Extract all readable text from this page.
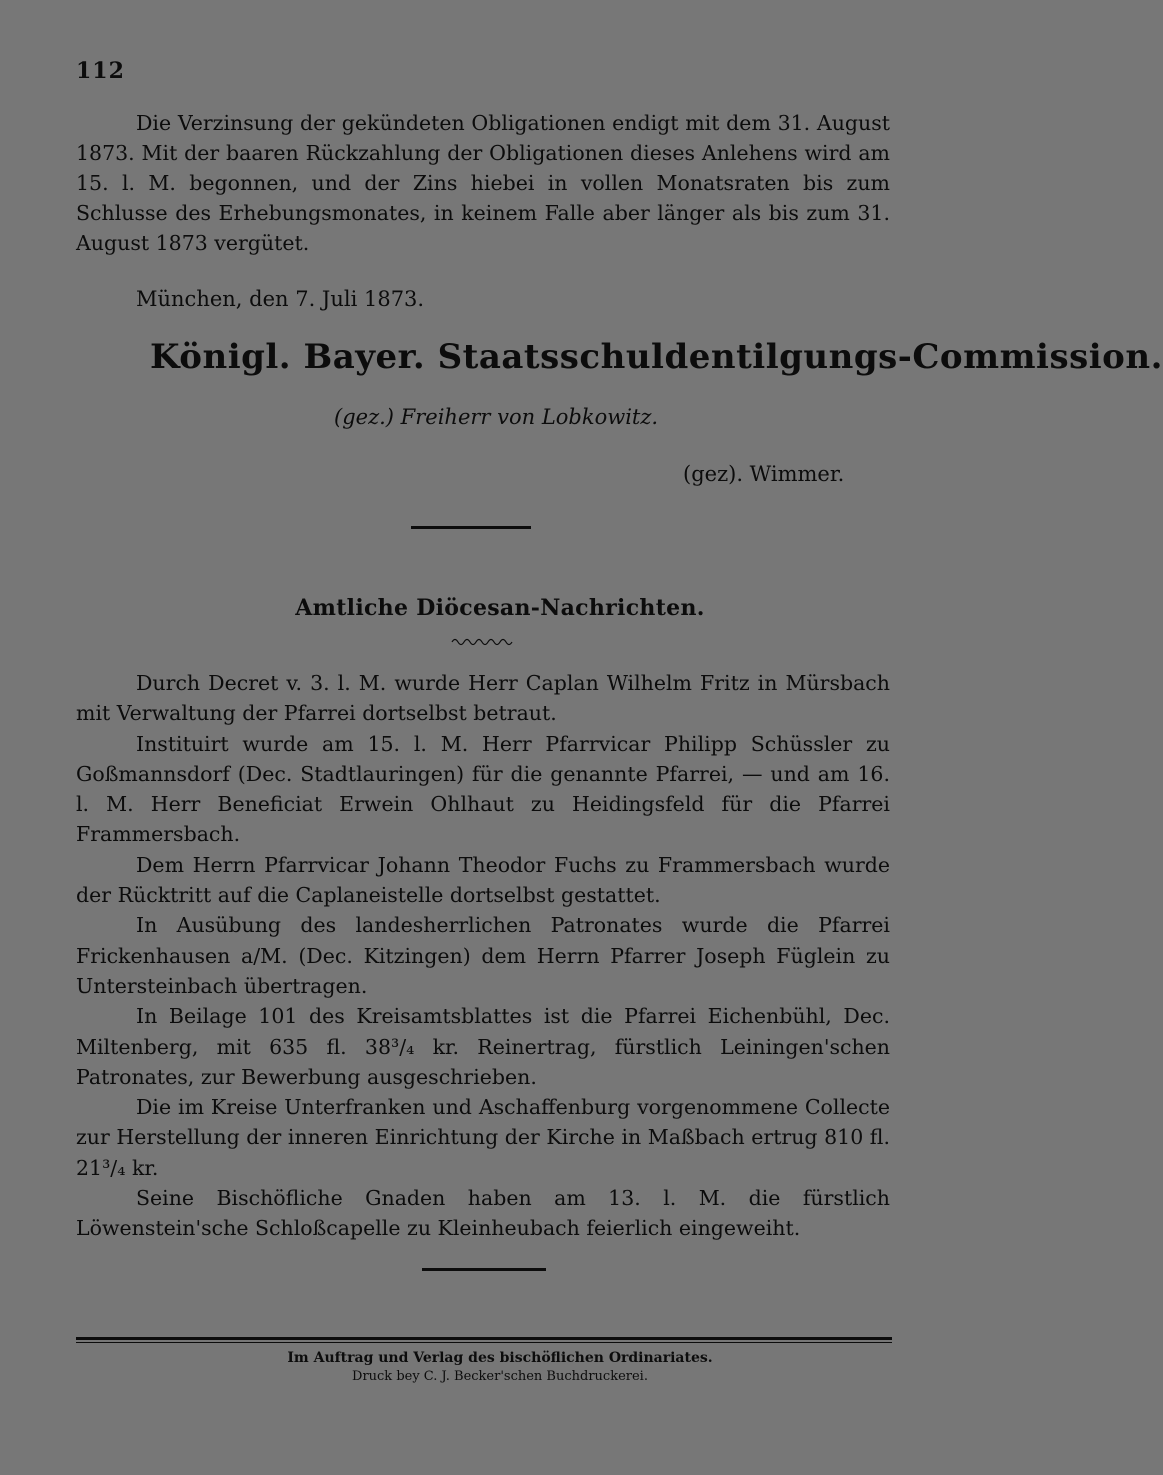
112

Die Verzinsung der gekündeten Obligationen endigt mit dem 31. August 1873. Mit der baaren Rückzahlung der Obligationen dieses Anlehens wird am 15. l. M. begonnen, und der Zins hiebei in vollen Monatsraten bis zum Schlusse des Erhebungsmonates, in keinem Falle aber länger als bis zum 31. August 1873 vergütet.

München, den 7. Juli 1873.
Königl. Bayer. Staatsschuldentilgungs-Commission.
(gez.) Freiherr von Lobkowitz.
(gez). Wimmer.
Amtliche Diöcesan-Nachrichten.

Durch Decret v. 3. l. M. wurde Herr Caplan Wilhelm Fritz in Mürsbach mit Verwaltung der Pfarrei dortselbst betraut.

Instituirt wurde am 15. l. M. Herr Pfarrvicar Philipp Schüssler zu Goßmannsdorf (Dec. Stadtlauringen) für die genannte Pfarrei, — und am 16. l. M. Herr Beneficiat Erwein Ohlhaut zu Heidingsfeld für die Pfarrei Frammersbach.

Dem Herrn Pfarrvicar Johann Theodor Fuchs zu Frammersbach wurde der Rücktritt auf die Caplaneistelle dortselbst gestattet.

In Ausübung des landesherrlichen Patronates wurde die Pfarrei Frickenhausen a/M. (Dec. Kitzingen) dem Herrn Pfarrer Joseph Füglein zu Untersteinbach übertragen.

In Beilage 101 des Kreisamtsblattes ist die Pfarrei Eichenbühl, Dec. Miltenberg, mit 635 fl. 38³/₄ kr. Reinertrag, fürstlich Leiningen'schen Patronates, zur Bewerbung ausgeschrieben.

Die im Kreise Unterfranken und Aschaffenburg vorgenommene Collecte zur Herstellung der inneren Einrichtung der Kirche in Maßbach ertrug 810 fl. 21³/₄ kr.

Seine Bischöfliche Gnaden haben am 13. l. M. die fürstlich Löwenstein'sche Schloßcapelle zu Kleinheubach feierlich eingeweiht.

Im Auftrag und Verlag des bischöflichen Ordinariates.
Druck bey C. J. Becker'schen Buchdruckerei.
